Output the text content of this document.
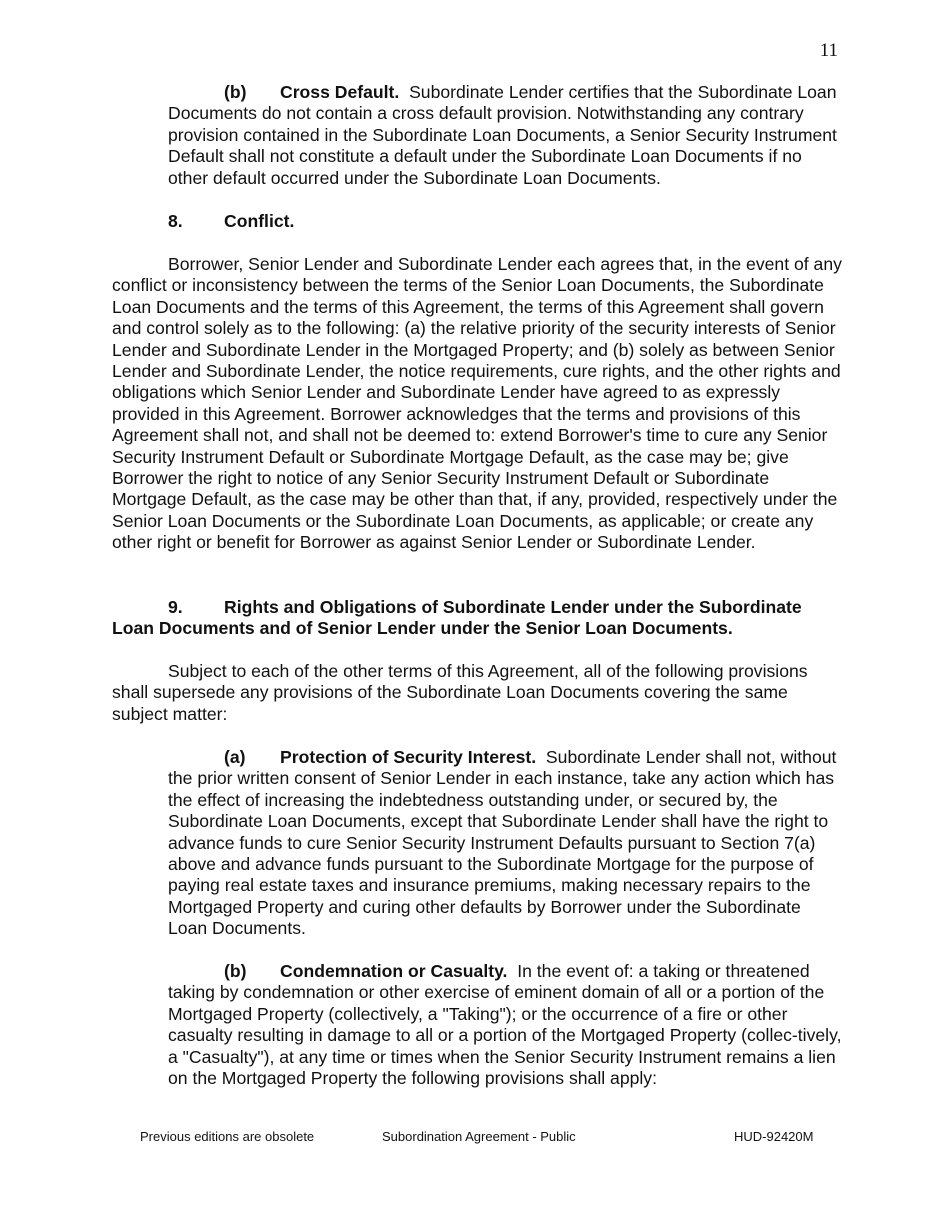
11

(b) Cross Default. Subordinate Lender certifies that the Subordinate Loan Documents do not contain a cross default provision. Notwithstanding any contrary provision contained in the Subordinate Loan Documents, a Senior Security Instrument Default shall not constitute a default under the Subordinate Loan Documents if no other default occurred under the Subordinate Loan Documents.

8. Conflict.

Borrower, Senior Lender and Subordinate Lender each agrees that, in the event of any conflict or inconsistency between the terms of the Senior Loan Documents, the Subordinate Loan Documents and the terms of this Agreement, the terms of this Agreement shall govern and control solely as to the following: (a) the relative priority of the security interests of Senior Lender and Subordinate Lender in the Mortgaged Property; and (b) solely as between Senior Lender and Subordinate Lender, the notice requirements, cure rights, and the other rights and obligations which Senior Lender and Subordinate Lender have agreed to as expressly provided in this Agreement. Borrower acknowledges that the terms and provisions of this Agreement shall not, and shall not be deemed to: extend Borrower's time to cure any Senior Security Instrument Default or Subordinate Mortgage Default, as the case may be; give Borrower the right to notice of any Senior Security Instrument Default or Subordinate Mortgage Default, as the case may be other than that, if any, provided, respectively under the Senior Loan Documents or the Subordinate Loan Documents, as applicable; or create any other right or benefit for Borrower as against Senior Lender or Subordinate Lender.

9. Rights and Obligations of Subordinate Lender under the Subordinate Loan Documents and of Senior Lender under the Senior Loan Documents.

Subject to each of the other terms of this Agreement, all of the following provisions shall supersede any provisions of the Subordinate Loan Documents covering the same subject matter:

(a) Protection of Security Interest. Subordinate Lender shall not, without the prior written consent of Senior Lender in each instance, take any action which has the effect of increasing the indebtedness outstanding under, or secured by, the Subordinate Loan Documents, except that Subordinate Lender shall have the right to advance funds to cure Senior Security Instrument Defaults pursuant to Section 7(a) above and advance funds pursuant to the Subordinate Mortgage for the purpose of paying real estate taxes and insurance premiums, making necessary repairs to the Mortgaged Property and curing other defaults by Borrower under the Subordinate Loan Documents.

(b) Condemnation or Casualty. In the event of: a taking or threatened taking by condemnation or other exercise of eminent domain of all or a portion of the Mortgaged Property (collectively, a "Taking"); or the occurrence of a fire or other casualty resulting in damage to all or a portion of the Mortgaged Property (collec-tively, a "Casualty"), at any time or times when the Senior Security Instrument remains a lien on the Mortgaged Property the following provisions shall apply:

Previous editions are obsolete	Subordination Agreement - Public	HUD-92420M
